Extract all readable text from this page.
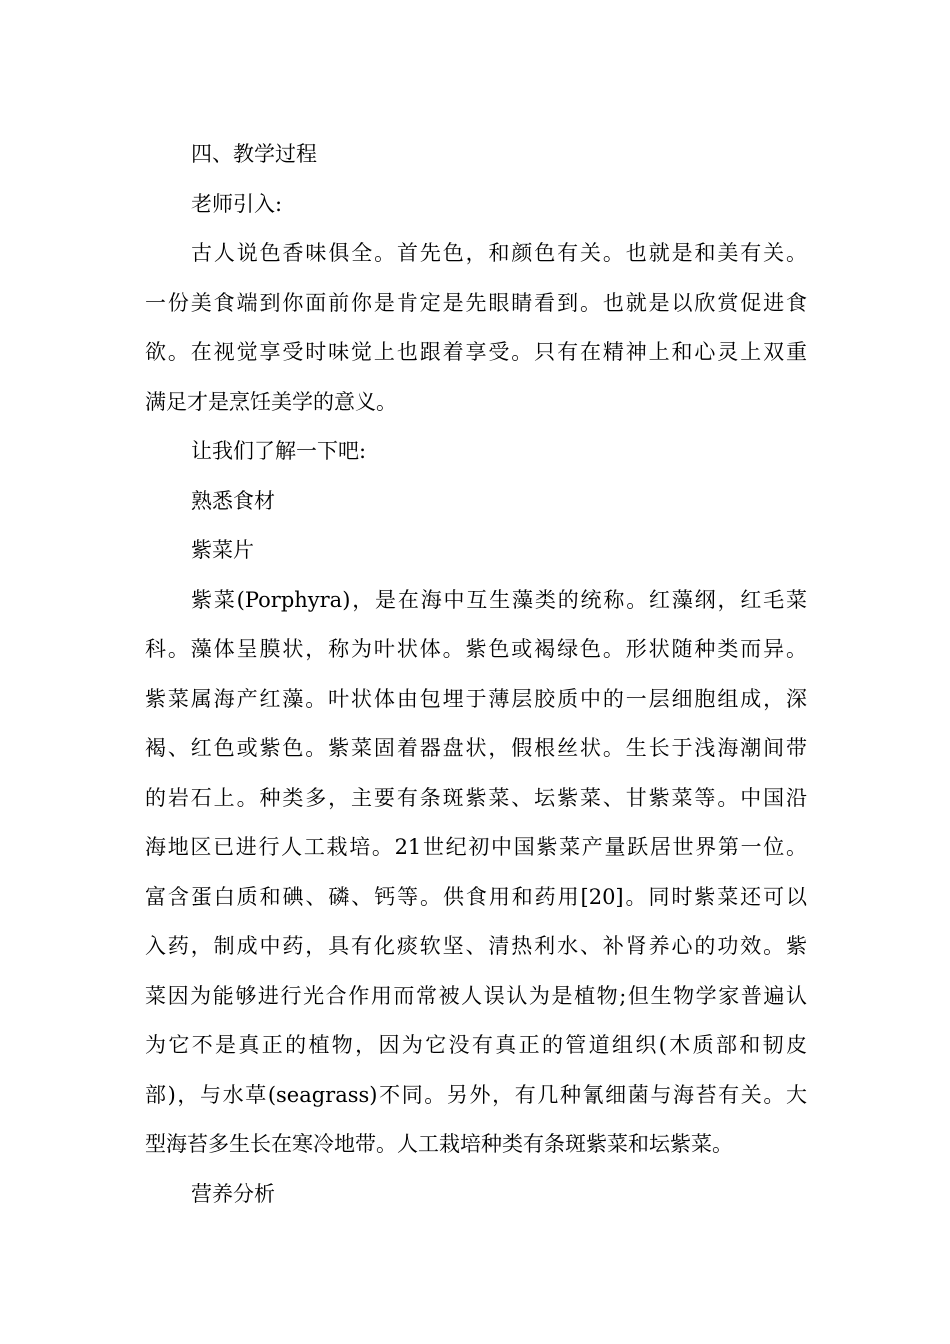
四、教学过程
老师引入:
古人说色香味俱全。首先色，和颜色有关。也就是和美有关。
一份美食端到你面前你是肯定是先眼睛看到。也就是以欣赏促进食
欲。在视觉享受时味觉上也跟着享受。只有在精神上和心灵上双重
满足才是烹饪美学的意义。
让我们了解一下吧:
熟悉食材
紫菜片
紫菜(Porphyra)，是在海中互生藻类的统称。红藻纲，红毛菜
科。藻体呈膜状，称为叶状体。紫色或褐绿色。形状随种类而异。
紫菜属海产红藻。叶状体由包埋于薄层胶质中的一层细胞组成，深
褐、红色或紫色。紫菜固着器盘状，假根丝状。生长于浅海潮间带
的岩石上。种类多，主要有条斑紫菜、坛紫菜、甘紫菜等。中国沿
海地区已进行人工栽培。21世纪初中国紫菜产量跃居世界第一位。
富含蛋白质和碘、磷、钙等。供食用和药用[20]。同时紫菜还可以
入药，制成中药，具有化痰软坚、清热利水、补肾养心的功效。紫
菜因为能够进行光合作用而常被人误认为是植物;但生物学家普遍认
为它不是真正的植物，因为它没有真正的管道组织(木质部和韧皮
部)，与水草(seagrass)不同。另外，有几种氰细菌与海苔有关。大
型海苔多生长在寒冷地带。人工栽培种类有条斑紫菜和坛紫菜。
营养分析
